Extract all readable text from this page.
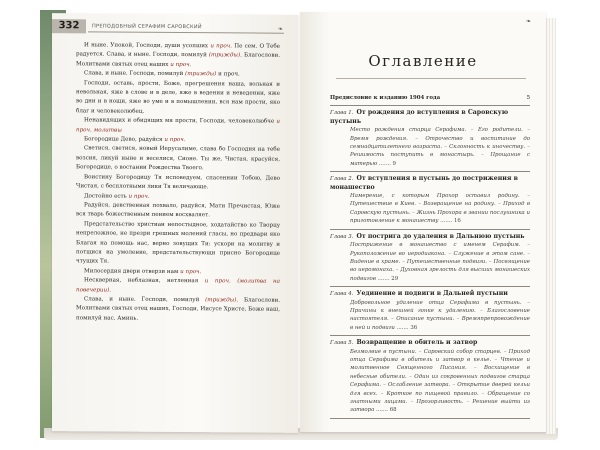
332	ПРЕПОДОБНЫЙ СЕРАФИМ САРОВСКИЙ	❧

И ныне. Упокой, Господи, души усопших и проч. Пе сем. О Тебе радуется. Слава, и ныне. Господи, помилуй (трижды). Благослови. Молитвами святых отец наших и проч.

Слава, и ныне. Господи, помилуй (трижды) и проч.

Господи, оставь, прости, Боже, прегрешения наша, вольная и невольная, яже в слове и в деле, яже в ведении и неведении, яже во дни и в нощи, яже во уме и в помышлении, вся нам прости, яко благ и человеколюбец.

Ненавидящих и обидящих мя прости, Господи, человеколюбче и проч. молитвы

Богородице Дево, радуйся и проч.

Светися, светися, новый Иерусалиме, слава бо Господня на тебе возсия, ликуй ныне и веселися, Сионе. Ты же, Чистая, красуйся, Богородице, о востании Рождества Твоего.

Воистину Богородицу Тя исповедуем, спасеннии Тобою, Дево Чистая, с бесплотными лики Тя величающе.

Достойно есть и проч.

Радуйся, девственная похвало, радуйся, Мати Пречистая, Юже вся тварь божественным пением восхваляет.

Предстательство христиан непостыдное, ходатайство ко Творцу непреложное, не презри грешных молений гласы, но предвари яко Благая на помощь нас, верно зовущих Ти: ускори на молитву и потщися на умоление, предстательствующи присно Богородице чтущих Тя.

Милосердия двери отверзи нам и проч.

Нескверная, неблазная, нетленная и проч. (молитва на повечерии).

Слава, и ныне. Господи, помилуй (трижды). Благослови. Молитвами святых отец наших, Господи, Иисусе Христе, Боже наш, помилуй нас. Аминь.

❧
Оглавление
Предисловие к изданию 1904 года	5
Глава 1. От рождения до вступления в Саровскую пустынь
Место рождения старца Серафима. – Его родители. – Время рождения. – Отрочество и воспитание до семнадцатилетнего возраста. – Склонность к иночеству. – Решимость поступить в монастырь. – Прощание с матерью ....... 9
Глава 2. От вступления в пустынь до пострижения в монашество
Намерение, с которым Прохор оставил родину. – Путешествие в Киев. – Возвращение на родину. – Приход в Саровскую пустынь. – Жизнь Прохора в звании послушника и приготовление к монашеству ....... 16
Глава 3. От пострига до удаления в Дальнюю пустынь
Пострижение в монашество с именем Серафим. – Рукоположение во иеродиакона. – Служение в этом сане. – Видение в храме. – Путешественные подвиги. – Посвящение во иеромонаха. – Духовная зрелость для высших монашеских подвигов ....... 29
Глава 4. Уединение и подвиги в Дальней пустыни
Добровольное удаление отца Серафима в пустынь. – Причины к внешней гонке к удалению. – Благословение настоятеля. – Описание пустыни. – Времяпрепровождение в ней и подвиги ....... 36
Глава 5. Возвращение в обитель и затвор
Безмолвие в пустыни. – Саровский собор старцев. – Приход отца Серафима в обитель и затвор в келье. – Чтение и молитвенное Священного Писания. – Восхищение в небесные обители. – Один из сокровенных подвигов старца Серафима. – Ослабление затвора. – Открытие дверей кельи для всех. – Кроткое по пищевой правило. – Обращение со знатными лицами. – Прозорливость. – Решение выйти из затвора ....... 68
